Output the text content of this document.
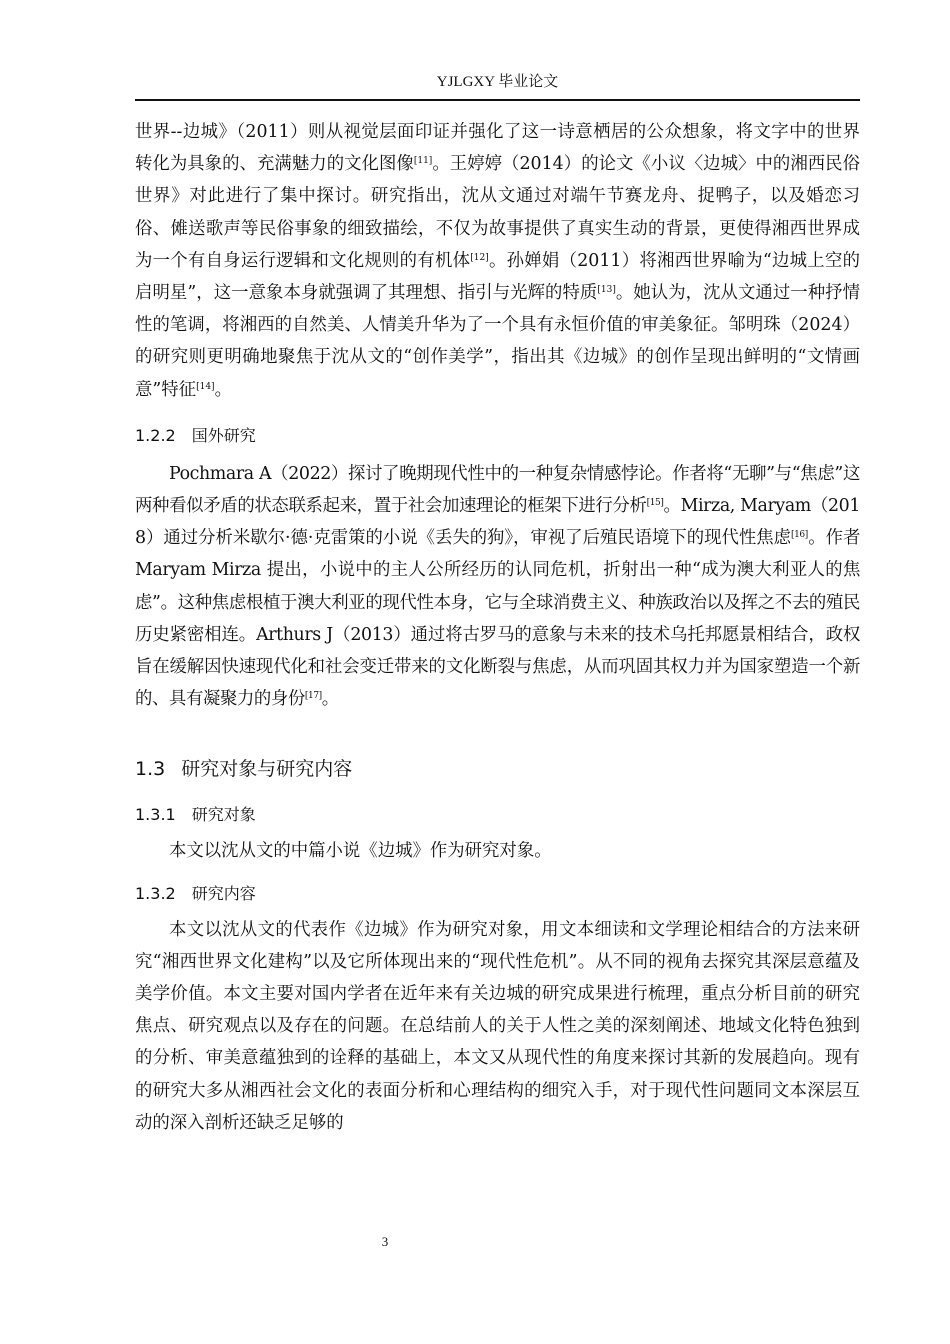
YJLGXY 毕业论文

世界--边城》（2011）则从视觉层面印证并强化了这一诗意栖居的公众想象，将文字中的世界转化为具象的、充满魅力的文化图像[11]。王婷婷（2014）的论文《小议〈边城〉中的湘西民俗世界》对此进行了集中探讨。研究指出，沈从文通过对端午节赛龙舟、捉鸭子，以及婚恋习俗、傩送歌声等民俗事象的细致描绘，不仅为故事提供了真实生动的背景，更使得湘西世界成为一个有自身运行逻辑和文化规则的有机体[12]。孙婵娟（2011）将湘西世界喻为“边城上空的启明星”，这一意象本身就强调了其理想、指引与光辉的特质[13]。她认为，沈从文通过一种抒情性的笔调，将湘西的自然美、人情美升华为了一个具有永恒价值的审美象征。邹明珠（2024）的研究则更明确地聚焦于沈从文的“创作美学”，指出其《边城》的创作呈现出鲜明的“文情画意”特征[14]。

1.2.2 国外研究

Pochmara A（2022）探讨了晚期现代性中的一种复杂情感悖论。作者将“无聊”与“焦虑”这两种看似矛盾的状态联系起来，置于社会加速理论的框架下进行分析[15]。Mirza, Maryam（2018）通过分析米歇尔·德·克雷策的小说《丢失的狗》，审视了后殖民语境下的现代性焦虑[16]。作者 Maryam Mirza 提出，小说中的主人公所经历的认同危机，折射出一种“成为澳大利亚人的焦虑”。这种焦虑根植于澳大利亚的现代性本身，它与全球消费主义、种族政治以及挥之不去的殖民历史紧密相连。Arthurs J（2013）通过将古罗马的意象与未来的技术乌托邦愿景相结合，政权旨在缓解因快速现代化和社会变迁带来的文化断裂与焦虑，从而巩固其权力并为国家塑造一个新的、具有凝聚力的身份[17]。

1.3 研究对象与研究内容
1.3.1 研究对象

本文以沈从文的中篇小说《边城》作为研究对象。

1.3.2 研究内容

本文以沈从文的代表作《边城》作为研究对象，用文本细读和文学理论相结合的方法来研究“湘西世界文化建构”以及它所体现出来的“现代性危机”。从不同的视角去探究其深层意蕴及美学价值。本文主要对国内学者在近年来有关边城的研究成果进行梳理，重点分析目前的研究焦点、研究观点以及存在的问题。在总结前人的关于人性之美的深刻阐述、地域文化特色独到的分析、审美意蕴独到的诠释的基础上，本文又从现代性的角度来探讨其新的发展趋向。现有的研究大多从湘西社会文化的表面分析和心理结构的细究入手，对于现代性问题同文本深层互动的深入剖析还缺乏足够的

3
